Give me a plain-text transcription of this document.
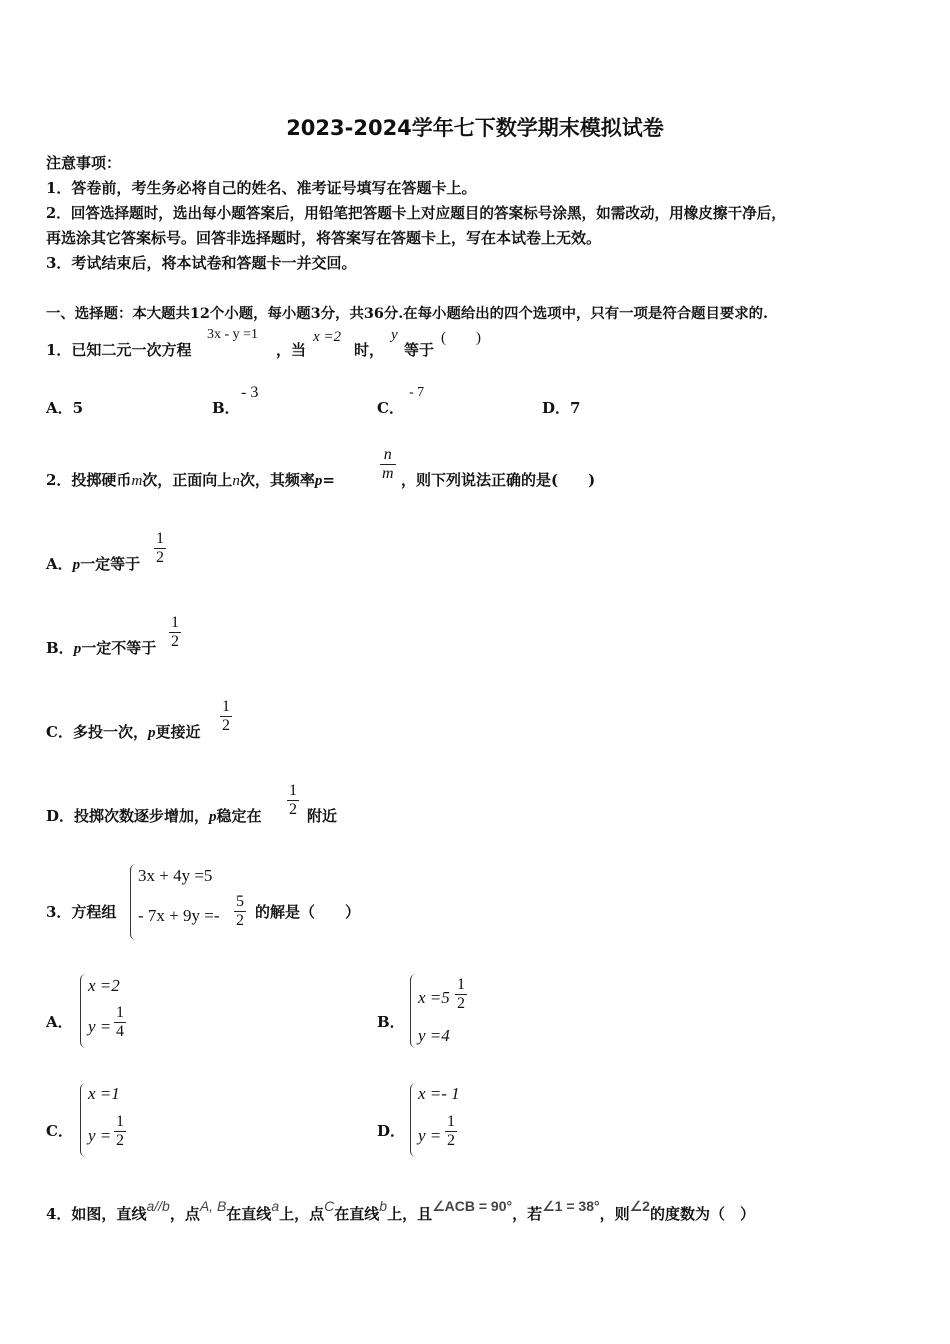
2023-2024学年七下数学期末模拟试卷
注意事项：
1．答卷前，考生务必将自己的姓名、准考证号填写在答题卡上。
2．回答选择题时，选出每小题答案后，用铅笔把答题卡上对应题目的答案标号涂黑，如需改动，用橡皮擦干净后，
再选涂其它答案标号。回答非选择题时，将答案写在答题卡上，写在本试卷上无效。
3．考试结束后，将本试卷和答题卡一并交回。
一、选择题：本大题共12个小题，每小题3分，共36分.在每小题给出的四个选项中，只有一项是符合题目要求的.
1．已知二元一次方程
3x - y =1
，当
x =2
时，
y
等于
(　　)
A．5	B．
- 3
C．
- 7
D．7
2．投掷硬币m次，正面向上n次，其频率p=	$\frac{n}{m}$ ，则下列说法正确的是(　　)
A．p一定等于 $\frac{1}{2}$
B．p一定不等于 $\frac{1}{2}$
C．多投一次，p更接近 $\frac{1}{2}$
D．投掷次数逐步增加，p稳定在 $\frac{1}{2}$ 附近
3．方程组
3x + 4y =5
- $7x + 9y =- \frac{5}{2}$ 的解是（　　）
A．
x =2
$y = \frac{1}{4}$	B．
$x =5 \frac{1}{2}$
y =4
C．
x =1
$y = \frac{1}{2}$	D．
x =- 1
$y = \frac{1}{2}$
4．如图，直线a//b，点A, B在直线a上，点C在直线b上，且∠ACB = 90°，若∠1 = 38°，则∠2的度数为（　）
